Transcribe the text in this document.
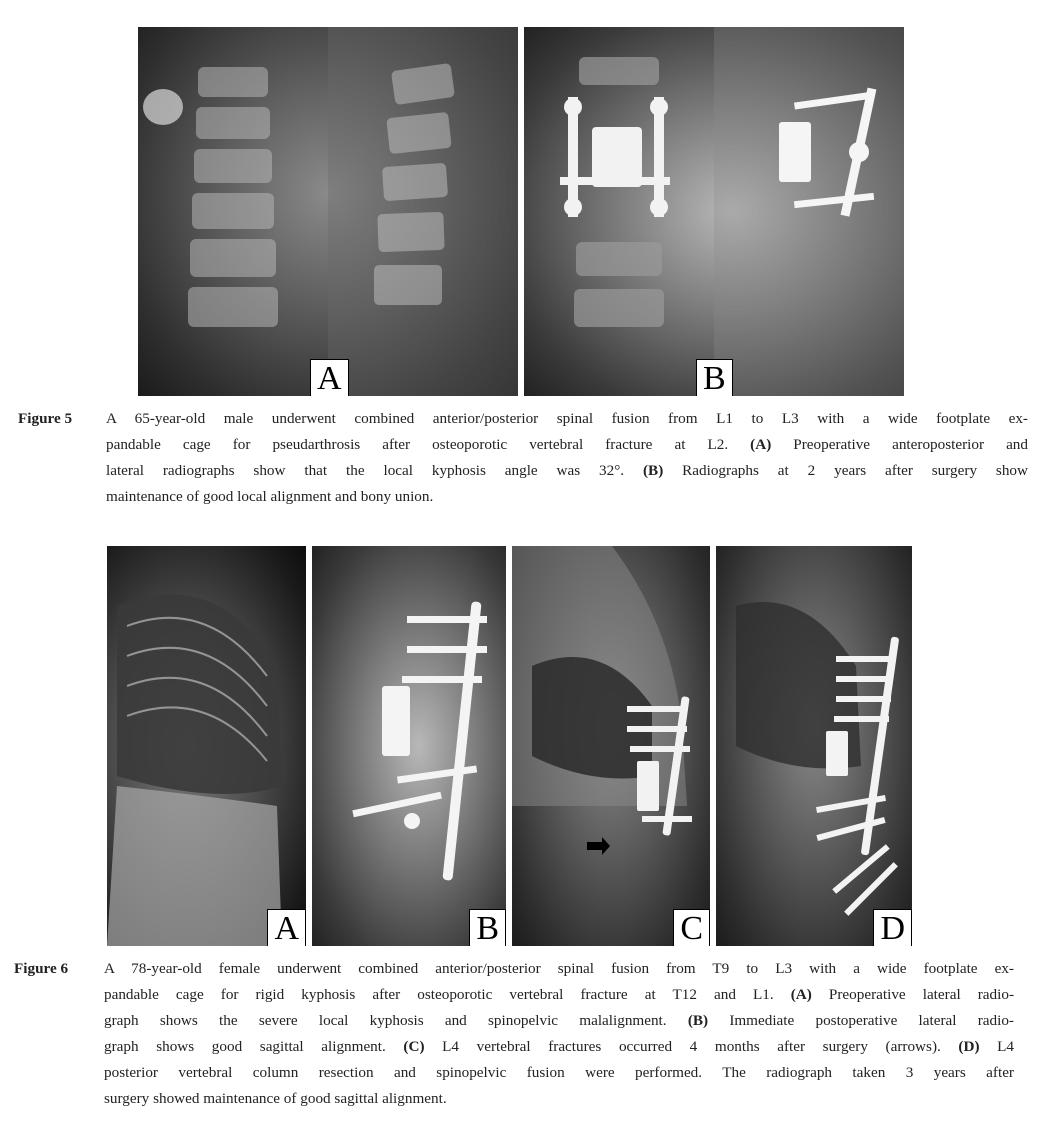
A	B
Figure 5 A 65-year-old male underwent combined anterior/posterior spinal fusion from L1 to L3 with a wide footplate ex-
pandable cage for pseudarthrosis after osteoporotic vertebral fracture at L2. (A) Preoperative anteroposterior and
lateral radiographs show that the local kyphosis angle was 32°. (B) Radiographs at 2 years after surgery show
maintenance of good local alignment and bony union.
A	B	C	D
Figure 6 A 78-year-old female underwent combined anterior/posterior spinal fusion from T9 to L3 with a wide footplate ex-
pandable cage for rigid kyphosis after osteoporotic vertebral fracture at T12 and L1. (A) Preoperative lateral radio-
graph shows the severe local kyphosis and spinopelvic malalignment. (B) Immediate postoperative lateral radio-
graph shows good sagittal alignment. (C) L4 vertebral fractures occurred 4 months after surgery (arrows). (D) L4
posterior vertebral column resection and spinopelvic fusion were performed. The radiograph taken 3 years after
surgery showed maintenance of good sagittal alignment.
